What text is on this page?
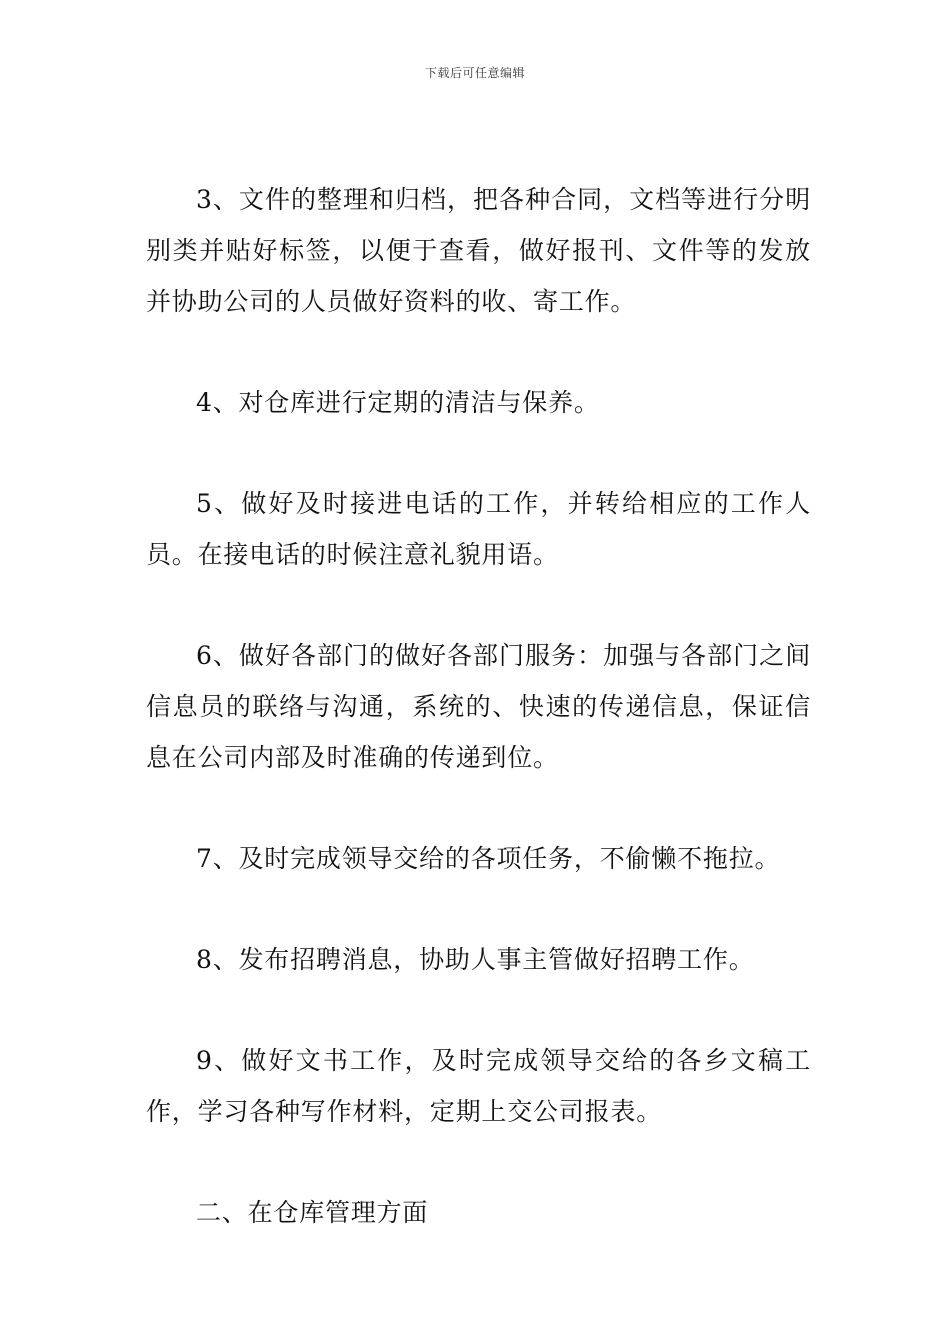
下载后可任意编辑

3、文件的整理和归档，把各种合同，文档等进行分明别类并贴好标签，以便于查看，做好报刊、文件等的发放并协助公司的人员做好资料的收、寄工作。

4、对仓库进行定期的清洁与保养。

5、做好及时接进电话的工作，并转给相应的工作人员。在接电话的时候注意礼貌用语。

6、做好各部门的做好各部门服务：加强与各部门之间信息员的联络与沟通，系统的、快速的传递信息，保证信息在公司内部及时准确的传递到位。

7、及时完成领导交给的各项任务，不偷懒不拖拉。

8、发布招聘消息，协助人事主管做好招聘工作。

9、做好文书工作，及时完成领导交给的各乡文稿工作，学习各种写作材料，定期上交公司报表。

二、在仓库管理方面
